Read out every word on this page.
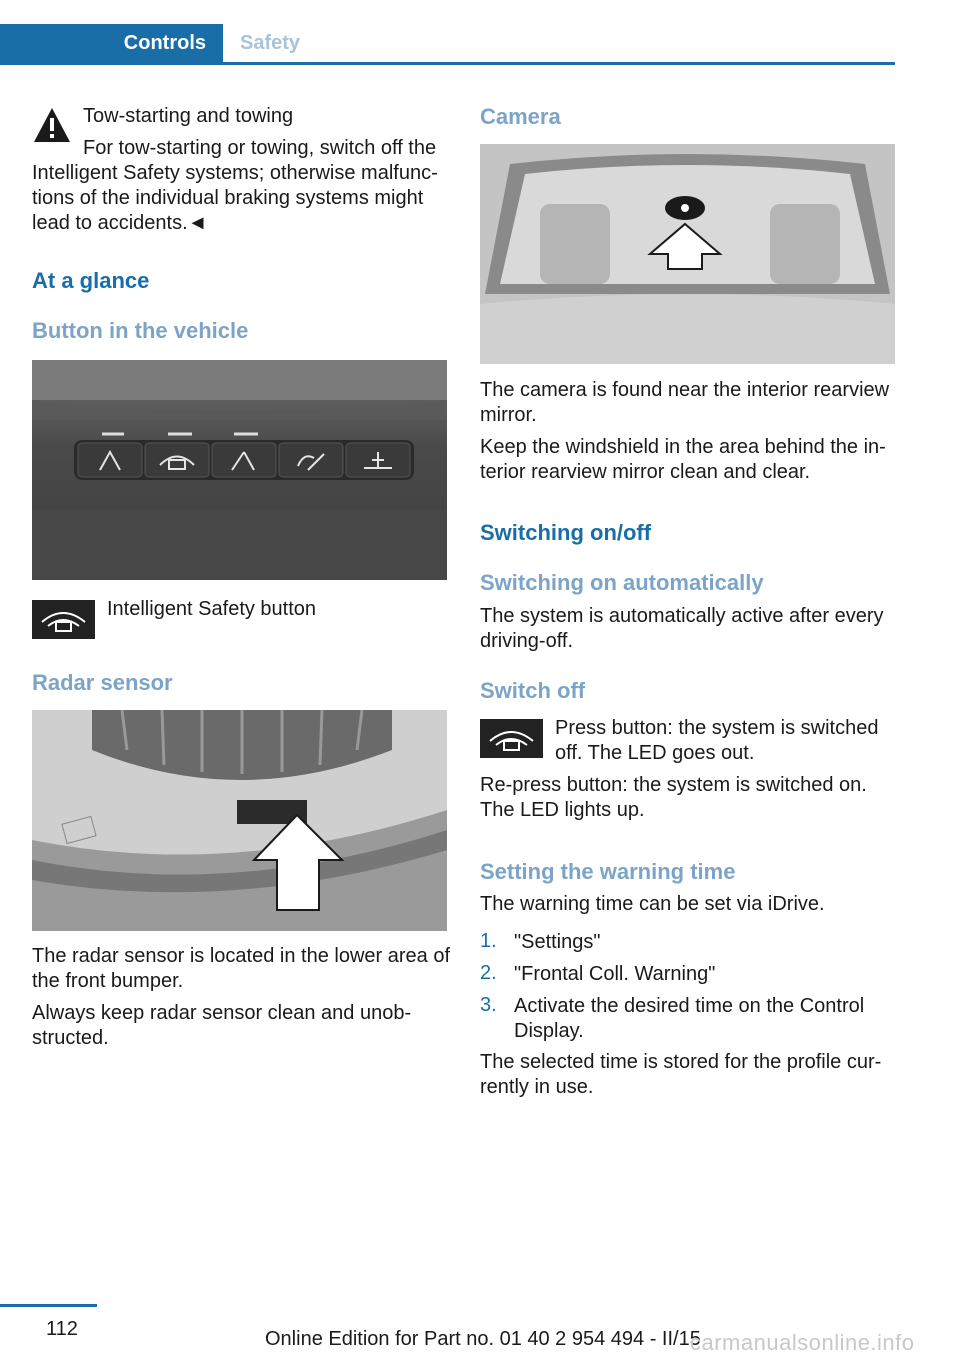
Controls	Safety

Tow-starting and towing

For tow-starting or towing, switch off the

Intelligent Safety systems; otherwise malfunc-

tions of the individual braking systems might

lead to accidents.◄

At a glance
Button in the vehicle

Intelligent Safety button

Radar sensor

The radar sensor is located in the lower area of

the front bumper.

Always keep radar sensor clean and unob-

structed.

Camera

The camera is found near the interior rearview

mirror.

Keep the windshield in the area behind the in-

terior rearview mirror clean and clear.

Switching on/off
Switching on automatically

The system is automatically active after every

driving-off.

Switch off

Press button: the system is switched

off. The LED goes out.

Re-press button: the system is switched on.

The LED lights up.

Setting the warning time

The warning time can be set via iDrive.

1. "Settings"

2. "Frontal Coll. Warning"

3. Activate the desired time on the Control

Display.

The selected time is stored for the profile cur-

rently in use.

112	Online Edition for Part no. 01 40 2 954 494 - II/15
carmanualsonline.info
